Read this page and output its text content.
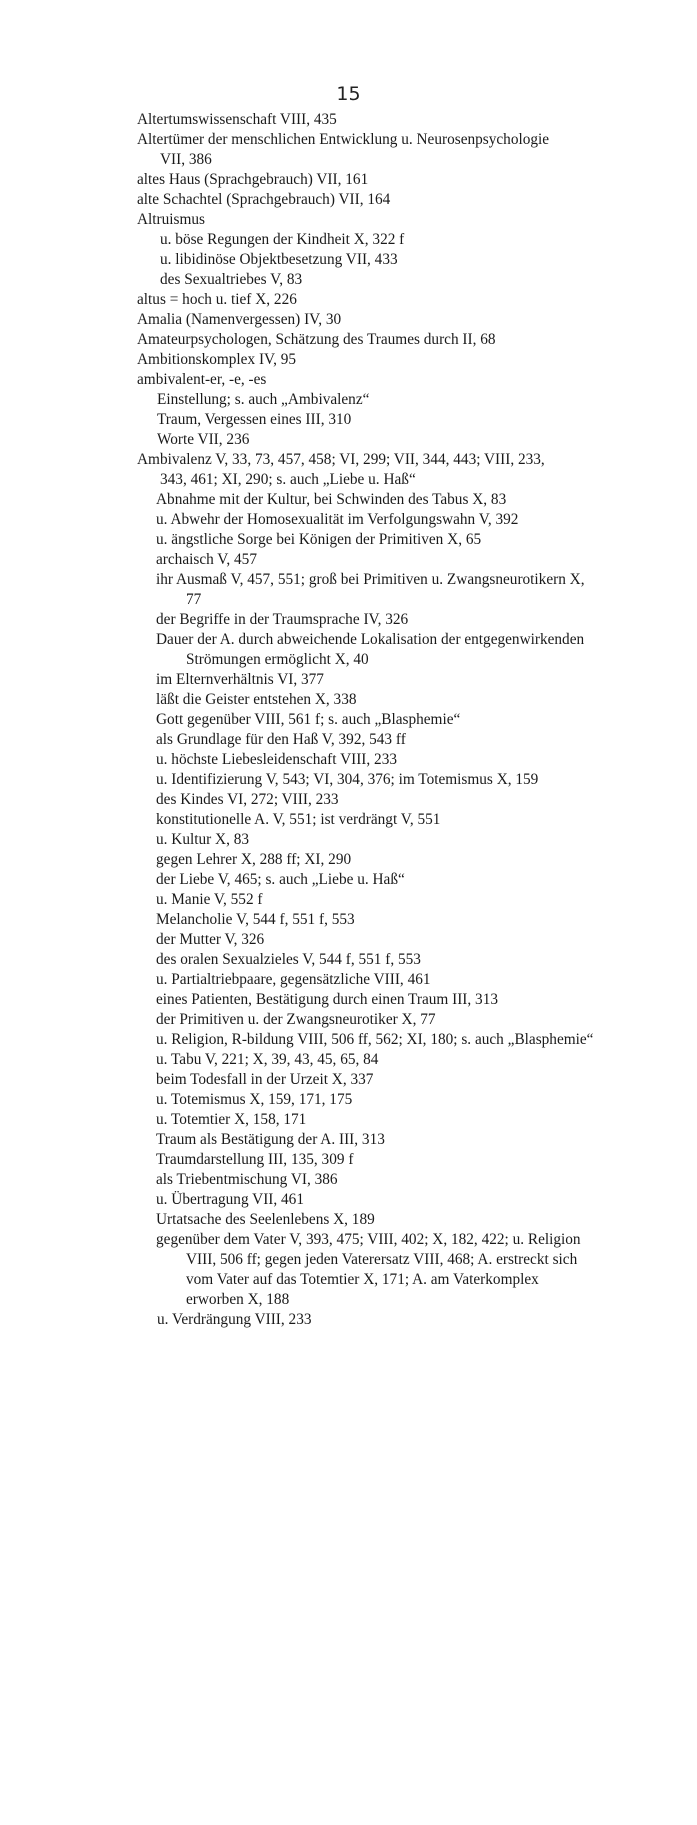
15
Altertumswissenschaft VIII, 435
Altertümer der menschlichen Entwicklung u. Neurosenpsychologie VII, 386
altes Haus (Sprachgebrauch) VII, 161
alte Schachtel (Sprachgebrauch) VII, 164
Altruismus
u. böse Regungen der Kindheit X, 322 f
u. libidinöse Objektbesetzung VII, 433
des Sexualtriebes V, 83
altus = hoch u. tief X, 226
Amalia (Namenvergessen) IV, 30
Amateurpsychologen, Schätzung des Traumes durch II, 68
Ambitionskomplex IV, 95
ambivalent-er, -e, -es
Einstellung; s. auch „Ambivalenz“
Traum, Vergessen eines III, 310
Worte VII, 236
Ambivalenz V, 33, 73, 457, 458; VI, 299; VII, 344, 443; VIII, 233, 343, 461; XI, 290; s. auch „Liebe u. Haß“
Abnahme mit der Kultur, bei Schwinden des Tabus X, 83
u. Abwehr der Homosexualität im Verfolgungswahn V, 392
u. ängstliche Sorge bei Königen der Primitiven X, 65
archaisch V, 457
ihr Ausmaß V, 457, 551; groß bei Primitiven u. Zwangsneurotikern X, 77
der Begriffe in der Traumsprache IV, 326
Dauer der A. durch abweichende Lokalisation der entgegenwirkenden Strömungen ermöglicht X, 40
im Elternverhältnis VI, 377
läßt die Geister entstehen X, 338
Gott gegenüber VIII, 561 f; s. auch „Blasphemie“
als Grundlage für den Haß V, 392, 543 ff
u. höchste Liebesleidenschaft VIII, 233
u. Identifizierung V, 543; VI, 304, 376; im Totemismus X, 159
des Kindes VI, 272; VIII, 233
konstitutionelle A. V, 551; ist verdrängt V, 551
u. Kultur X, 83
gegen Lehrer X, 288 ff; XI, 290
der Liebe V, 465; s. auch „Liebe u. Haß“
u. Manie V, 552 f
Melancholie V, 544 f, 551 f, 553
der Mutter V, 326
des oralen Sexualzieles V, 544 f, 551 f, 553
u. Partialtriebpaare, gegensätzliche VIII, 461
eines Patienten, Bestätigung durch einen Traum III, 313
der Primitiven u. der Zwangsneurotiker X, 77
u. Religion, R-bildung VIII, 506 ff, 562; XI, 180; s. auch „Blasphemie“
u. Tabu V, 221; X, 39, 43, 45, 65, 84
beim Todesfall in der Urzeit X, 337
u. Totemismus X, 159, 171, 175
u. Totemtier X, 158, 171
Traum als Bestätigung der A. III, 313
Traumdarstellung III, 135, 309 f
als Triebentmischung VI, 386
u. Übertragung VII, 461
Urtatsache des Seelenlebens X, 189
gegenüber dem Vater V, 393, 475; VIII, 402; X, 182, 422; u. Religion VIII, 506 ff; gegen jeden Vaterersatz VIII, 468; A. erstreckt sich vom Vater auf das Totemtier X, 171; A. am Vaterkomplex erworben X, 188
u. Verdrängung VIII, 233
